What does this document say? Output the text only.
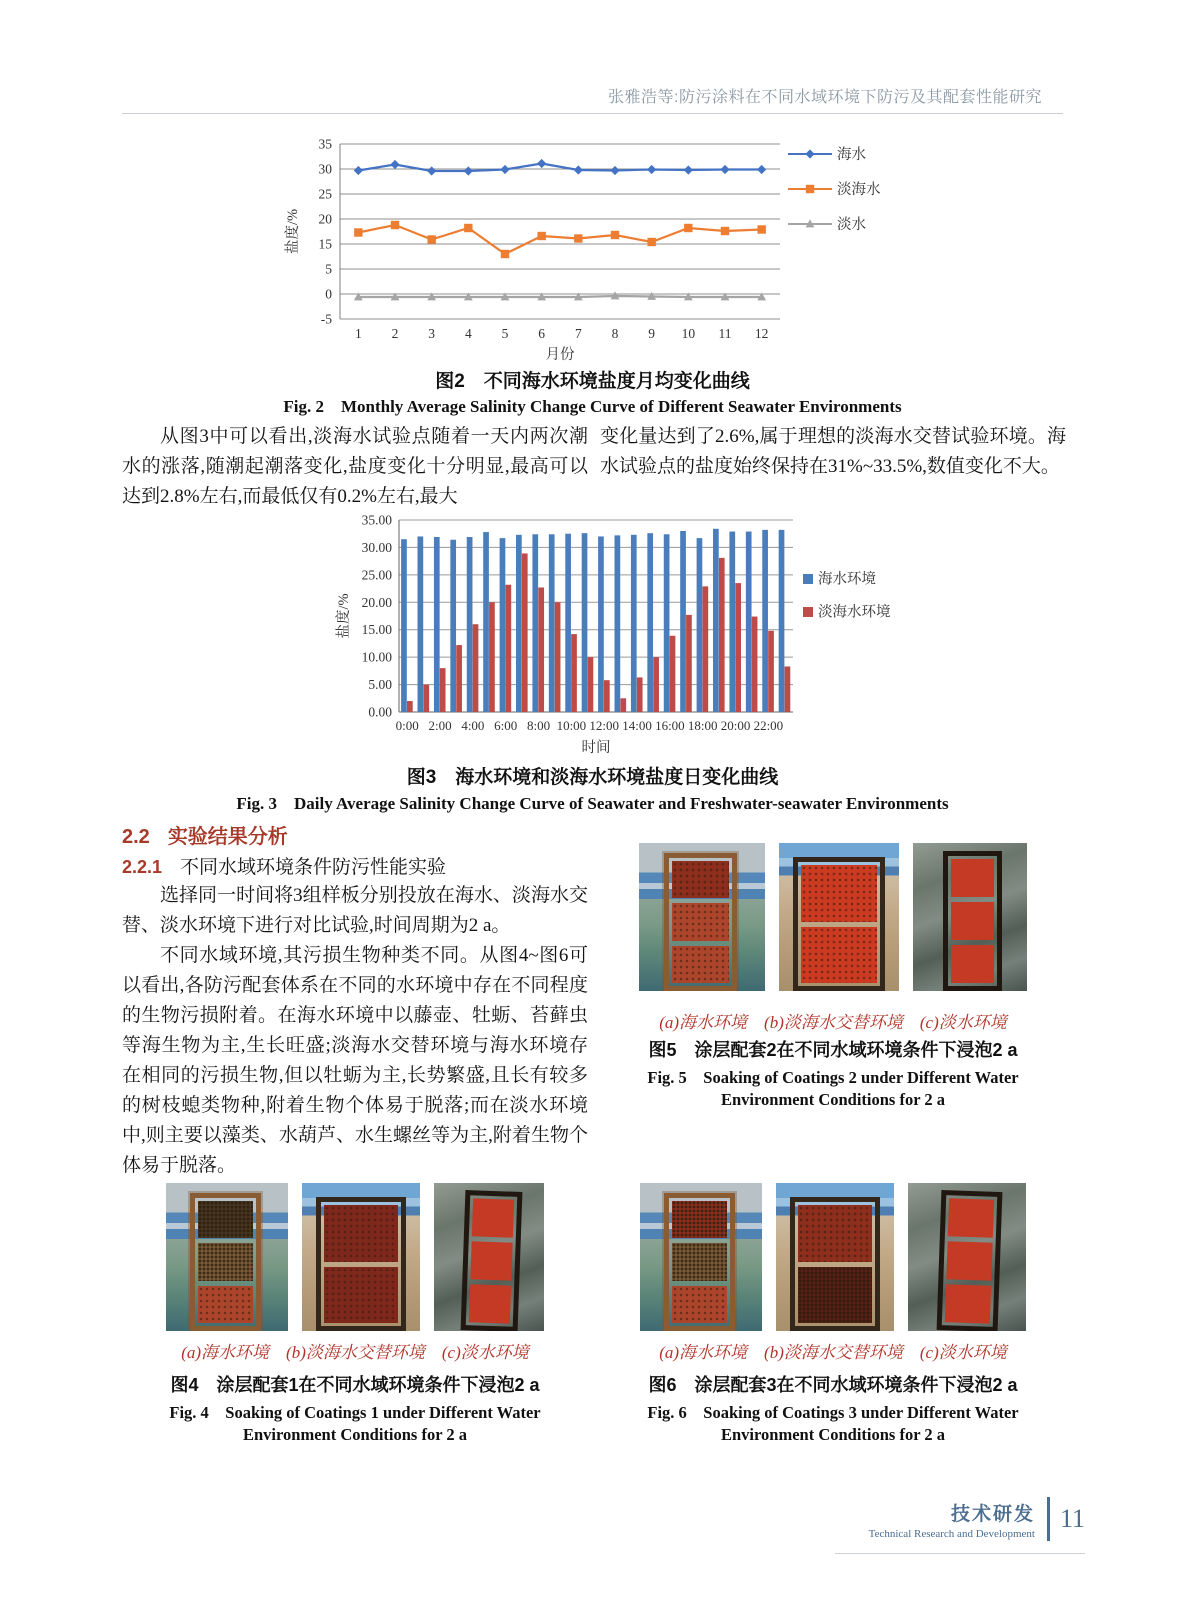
张雅浩等:防污涂料在不同水域环境下防污及其配套性能研究
35
30
25
20
15
5
0
-5
1 2 3 4 5 6 7 8 9 10 11 12
月份
盐度/%
海水
淡海水
淡水
图2　不同海水环境盐度月均变化曲线
Fig. 2　Monthly Average Salinity Change Curve of Different Seawater Environments
从图3中可以看出,淡海水试验点随着一天内两次潮水的涨落,随潮起潮落变化,盐度变化十分明显,最高可以达到2.8%左右,而最低仅有0.2%左右,最大
变化量达到了2.6%,属于理想的淡海水交替试验环境。海水试验点的盐度始终保持在31%~33.5%,数值变化不大。
0.00
5.00
10.00
15.00
20.00
25.00
30.00
35.00
0:00 2:00 4:00 6:00 8:00 10:00 12:00 14:00 16:00 18:00 20:00 22:00
时间
盐度/%
海水环境
淡海水环境
图3　海水环境和淡海水环境盐度日变化曲线
Fig. 3　Daily Average Salinity Change Curve of Seawater and Freshwater-seawater Environments
2.2 实验结果分析
2.2.1 不同水域环境条件防污性能实验
选择同一时间将3组样板分别投放在海水、淡海水交替、淡水环境下进行对比试验,时间周期为2 a。
不同水域环境,其污损生物种类不同。从图4~图6可以看出,各防污配套体系在不同的水环境中存在不同程度的生物污损附着。在海水环境中以藤壶、牡蛎、苔藓虫等海生物为主,生长旺盛;淡海水交替环境与海水环境存在相同的污损生物,但以牡蛎为主,长势繁盛,且长有较多的树枝螅类物种,附着生物个体易于脱落;而在淡水环境中,则主要以藻类、水葫芦、水生螺丝等为主,附着生物个体易于脱落。
(a)海水环境　(b)淡海水交替环境　(c)淡水环境
图5　涂层配套2在不同水域环境条件下浸泡2 a
Fig. 5　Soaking of Coatings 2 under Different Water
Environment Conditions for 2 a
(a)海水环境　(b)淡海水交替环境　(c)淡水环境
图4　涂层配套1在不同水域环境条件下浸泡2 a
Fig. 4　Soaking of Coatings 1 under Different Water
Environment Conditions for 2 a
(a)海水环境　(b)淡海水交替环境　(c)淡水环境
图6　涂层配套3在不同水域环境条件下浸泡2 a
Fig. 6　Soaking of Coatings 3 under Different Water
Environment Conditions for 2 a
技术研发
Technical Research and Development
11
